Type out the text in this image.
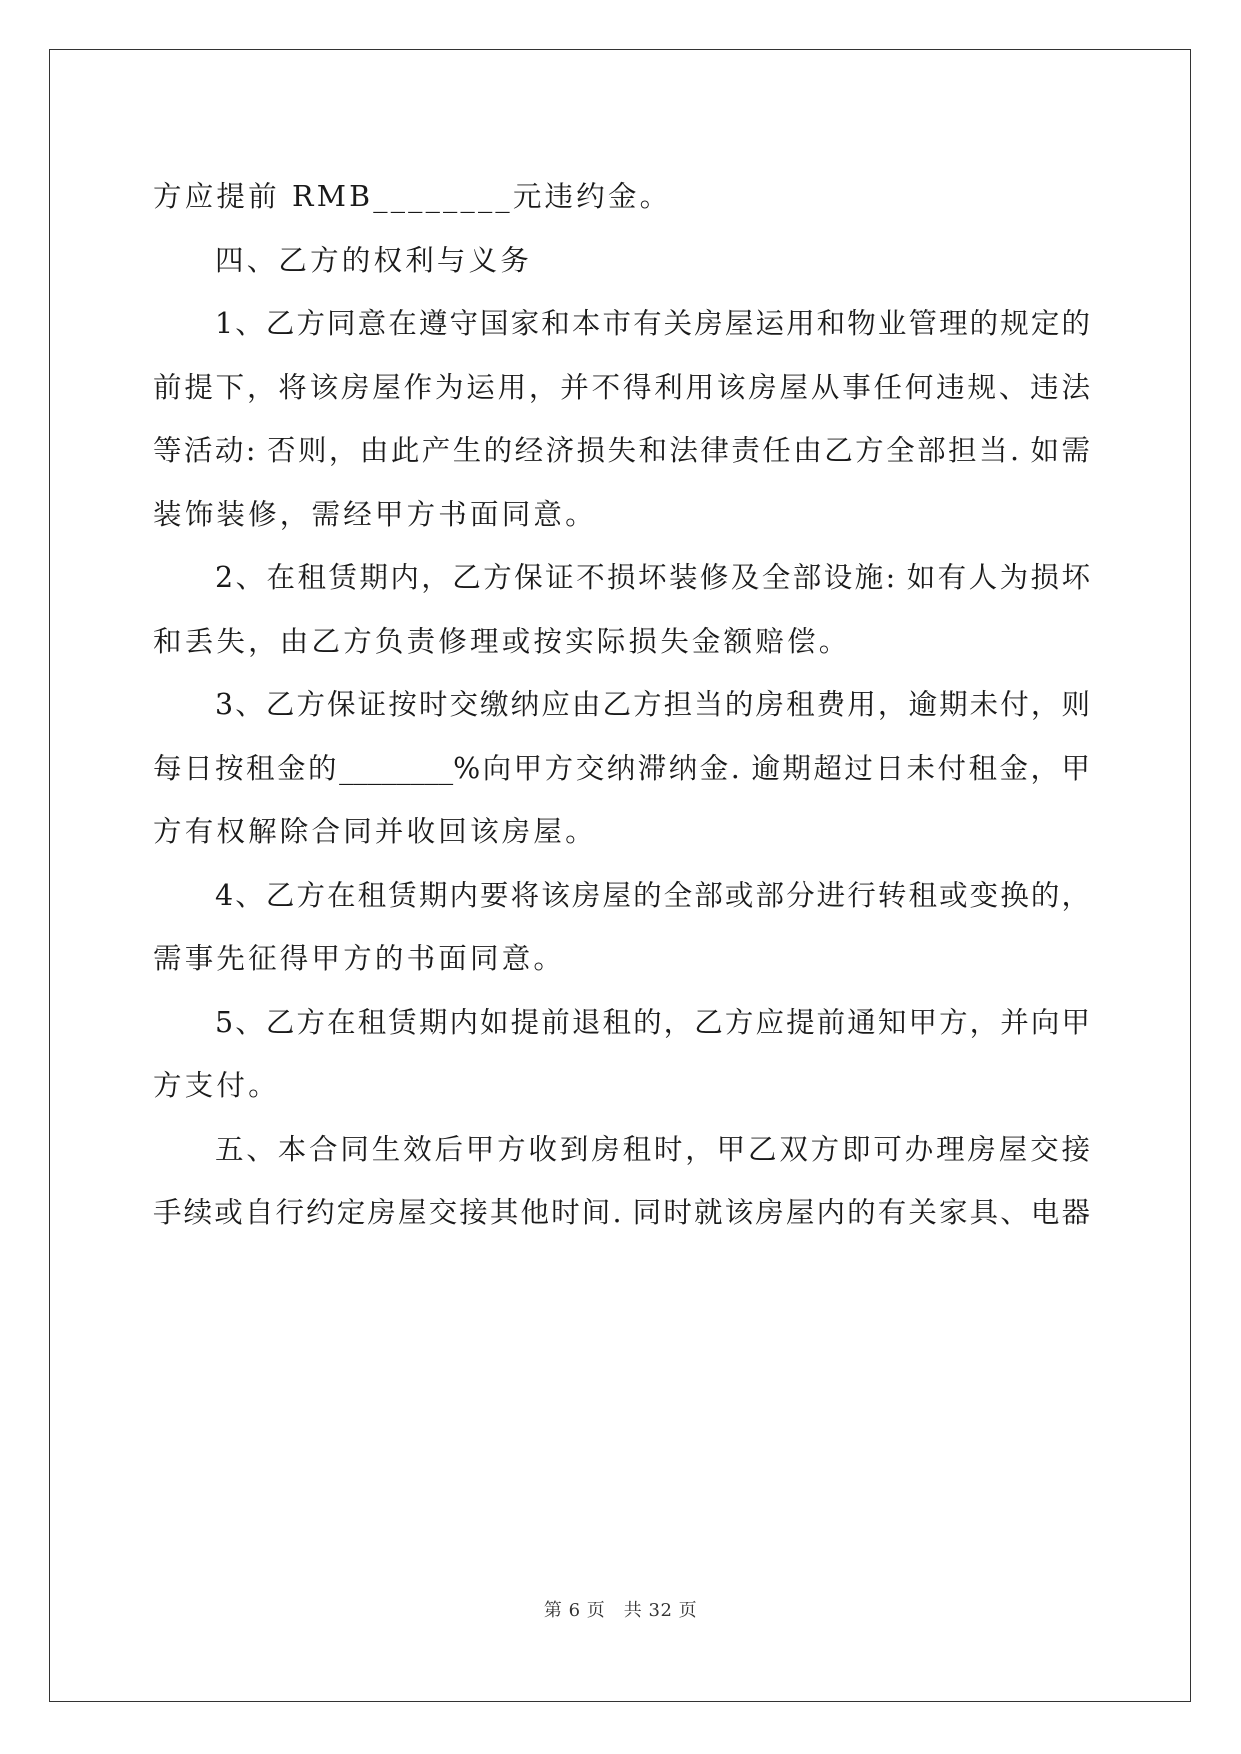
方应提前 RMB________元违约金。
四、乙方的权利与义务
1、乙方同意在遵守国家和本市有关房屋运用和物业管理的规定的
前提下，将该房屋作为运用，并不得利用该房屋从事任何违规、违法
等活动: 否则，由此产生的经济损失和法律责任由乙方全部担当. 如需
装饰装修，需经甲方书面同意。
2、在租赁期内，乙方保证不损坏装修及全部设施: 如有人为损坏
和丢失，由乙方负责修理或按实际损失金额赔偿。
3、乙方保证按时交缴纳应由乙方担当的房租费用，逾期未付，则
每日按租金的________%向甲方交纳滞纳金. 逾期超过日未付租金，甲
方有权解除合同并收回该房屋。
4、乙方在租赁期内要将该房屋的全部或部分进行转租或变换的，
需事先征得甲方的书面同意。
5、乙方在租赁期内如提前退租的，乙方应提前通知甲方，并向甲
方支付。
五、本合同生效后甲方收到房租时，甲乙双方即可办理房屋交接
手续或自行约定房屋交接其他时间. 同时就该房屋内的有关家具、电器
第 6 页　共 32 页
